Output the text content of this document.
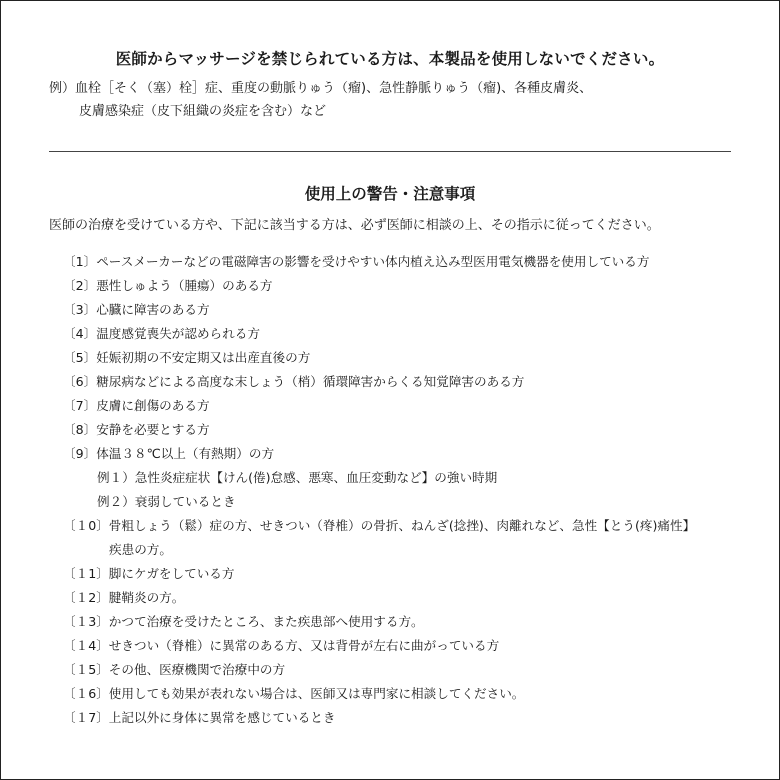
医師からマッサージを禁じられている方は、本製品を使用しないでください。
例）血栓［そく（塞）栓］症、重度の動脈りゅう（瘤)、急性静脈りゅう（瘤)、各種皮膚炎、
皮膚感染症（皮下組織の炎症を含む）など
使用上の警告・注意事項
医師の治療を受けている方や、下記に該当する方は、必ず医師に相談の上、その指示に従ってください。
〔1〕ペースメーカーなどの電磁障害の影響を受けやすい体内植え込み型医用電気機器を使用している方
〔2〕悪性しゅよう（腫瘍）のある方
〔3〕心臓に障害のある方
〔4〕温度感覚喪失が認められる方
〔5〕妊娠初期の不安定期又は出産直後の方
〔6〕糖尿病などによる高度な末しょう（梢）循環障害からくる知覚障害のある方
〔7〕皮膚に創傷のある方
〔8〕安静を必要とする方
〔9〕体温３８℃以上（有熱期）の方
例１）急性炎症症状【けん(倦)怠感、悪寒、血圧変動など】の強い時期
例２）衰弱しているとき
〔１0〕骨粗しょう（鬆）症の方、せきつい（脊椎）の骨折、ねんざ(捻挫)、肉離れなど、急性【とう(疼)痛性】
疾患の方。
〔１1〕脚にケガをしている方
〔１2〕腱鞘炎の方。
〔１3〕かつて治療を受けたところ、また疾患部へ使用する方。
〔１4〕せきつい（脊椎）に異常のある方、又は背骨が左右に曲がっている方
〔１5〕その他、医療機関で治療中の方
〔１6〕使用しても効果が表れない場合は、医師又は専門家に相談してください。
〔１7〕上記以外に身体に異常を感じているとき
